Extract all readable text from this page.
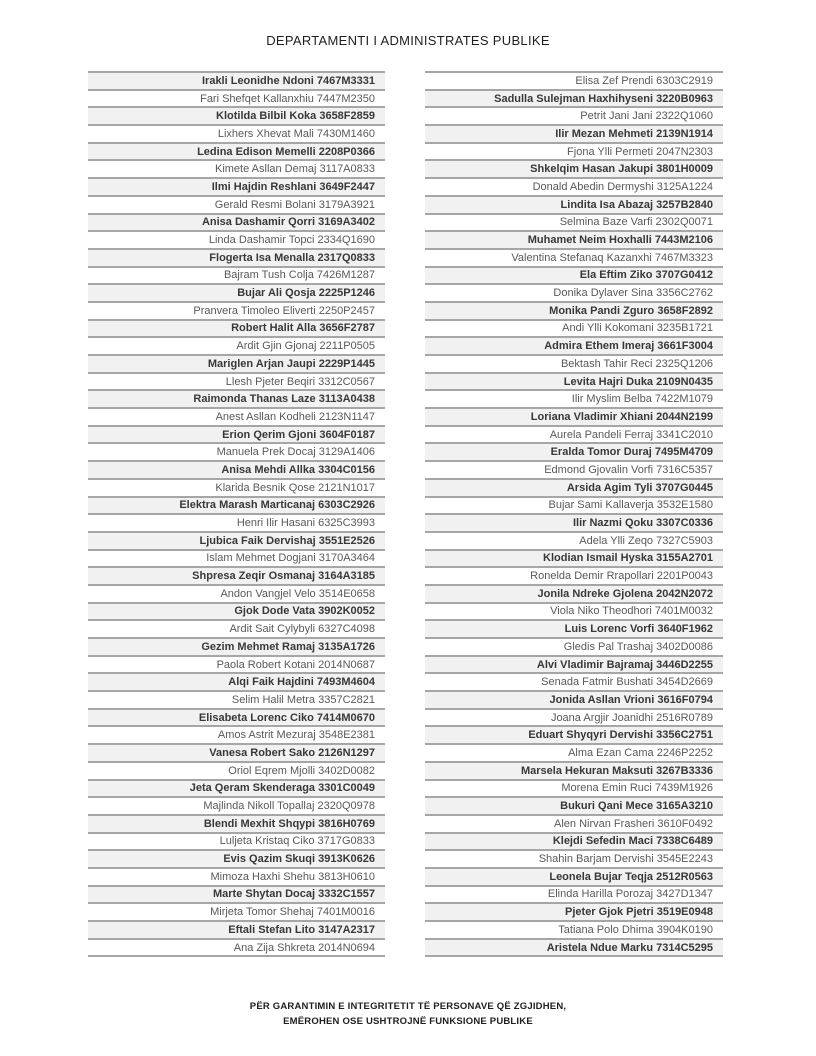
DEPARTAMENTI I ADMINISTRATES PUBLIKE
Irakli Leonidhe Ndoni 7467M3331
Fari Shefqet Kallanxhiu 7447M2350
Klotilda Bilbil Koka 3658F2859
Lixhers Xhevat Mali 7430M1460
Ledina Edison Memelli 2208P0366
Kimete Asllan Demaj 3117A0833
Ilmi Hajdin Reshlani 3649F2447
Gerald Resmi Bolani 3179A3921
Anisa Dashamir Qorri 3169A3402
Linda Dashamir Topci 2334Q1690
Flogerta Isa Menalla 2317Q0833
Bajram Tush Colja 7426M1287
Bujar Ali Qosja 2225P1246
Pranvera Timoleo Eliverti 2250P2457
Robert Halit Alla 3656F2787
Ardit Gjin Gjonaj 2211P0505
Mariglen Arjan Jaupi 2229P1445
Llesh Pjeter Beqiri 3312C0567
Raimonda Thanas Laze 3113A0438
Anest Asllan Kodheli 2123N1147
Erion Qerim Gjoni 3604F0187
Manuela Prek Docaj 3129A1406
Anisa Mehdi Allka 3304C0156
Klarida Besnik Qose 2121N1017
Elektra Marash Marticanaj 6303C2926
Henri Ilir Hasani 6325C3993
Ljubica Faik Dervishaj 3551E2526
Islam Mehmet Dogjani 3170A3464
Shpresa Zeqir Osmanaj 3164A3185
Andon Vangjel Velo 3514E0658
Gjok Dode Vata 3902K0052
Ardit Sait Cylybyli 6327C4098
Gezim Mehmet Ramaj 3135A1726
Paola Robert Kotani 2014N0687
Alqi Faik Hajdini 7493M4604
Selim Halil Metra 3357C2821
Elisabeta Lorenc Ciko 7414M0670
Amos Astrit Mezuraj 3548E2381
Vanesa Robert Sako 2126N1297
Oriol Eqrem Mjolli 3402D0082
Jeta Qeram Skenderaga 3301C0049
Majlinda Nikoll Topallaj 2320Q0978
Blendi Mexhit Shqypi 3816H0769
Luljeta Kristaq Ciko 3717G0833
Evis Qazim Skuqi 3913K0626
Mimoza Haxhi Shehu 3813H0610
Marte Shytan Docaj 3332C1557
Mirjeta Tomor Shehaj 7401M0016
Eftali Stefan Lito 3147A2317
Ana Zija Shkreta 2014N0694
Elisa Zef Prendi 6303C2919
Sadulla Sulejman Haxhihyseni 3220B0963
Petrit Jani Jani 2322Q1060
Ilir Mezan Mehmeti 2139N1914
Fjona Ylli Permeti 2047N2303
Shkelqim Hasan Jakupi 3801H0009
Donald Abedin Dermyshi 3125A1224
Lindita Isa Abazaj 3257B2840
Selmina Baze Varfi 2302Q0071
Muhamet Neim Hoxhalli 7443M2106
Valentina Stefanaq Kazanxhi 7467M3323
Ela Eftim Ziko 3707G0412
Donika Dylaver Sina 3356C2762
Monika Pandi Zguro 3658F2892
Andi Ylli Kokomani 3235B1721
Admira Ethem Imeraj 3661F3004
Bektash Tahir Reci 2325Q1206
Levita Hajri Duka 2109N0435
Ilir Myslim Belba 7422M1079
Loriana Vladimir Xhiani 2044N2199
Aurela Pandeli Ferraj 3341C2010
Eralda Tomor Duraj 7495M4709
Edmond Gjovalin Vorfi 7316C5357
Arsida Agim Tyli 3707G0445
Bujar Sami Kallaverja 3532E1580
Ilir Nazmi Qoku 3307C0336
Adela Ylli Zeqo 7327C5903
Klodian Ismail Hyska 3155A2701
Ronelda Demir Rrapollari 2201P0043
Jonila Ndreke Gjolena 2042N2072
Viola Niko Theodhori 7401M0032
Luis Lorenc Vorfi 3640F1962
Gledis Pal Trashaj 3402D0086
Alvi Vladimir Bajramaj 3446D2255
Senada Fatmir Bushati 3454D2669
Jonida Asllan Vrioni 3616F0794
Joana Argjir Joanidhi 2516R0789
Eduart Shyqyri Dervishi 3356C2751
Alma Ezan Cama 2246P2252
Marsela Hekuran Maksuti 3267B3336
Morena Emin Ruci 7439M1926
Bukuri Qani Mece 3165A3210
Alen Nirvan Frasheri 3610F0492
Klejdi Sefedin Maci 7338C6489
Shahin Barjam Dervishi 3545E2243
Leonela Bujar Teqja 2512R0563
Elinda Harilla Porozaj 3427D1347
Pjeter Gjok Pjetri 3519E0948
Tatiana Polo Dhima 3904K0190
Aristela Ndue Marku 7314C5295
PËR GARANTIMIN E INTEGRITETIT TË PERSONAVE QË ZGJIDHEN,
EMËROHEN OSE USHTROJNË FUNKSIONE PUBLIKE
